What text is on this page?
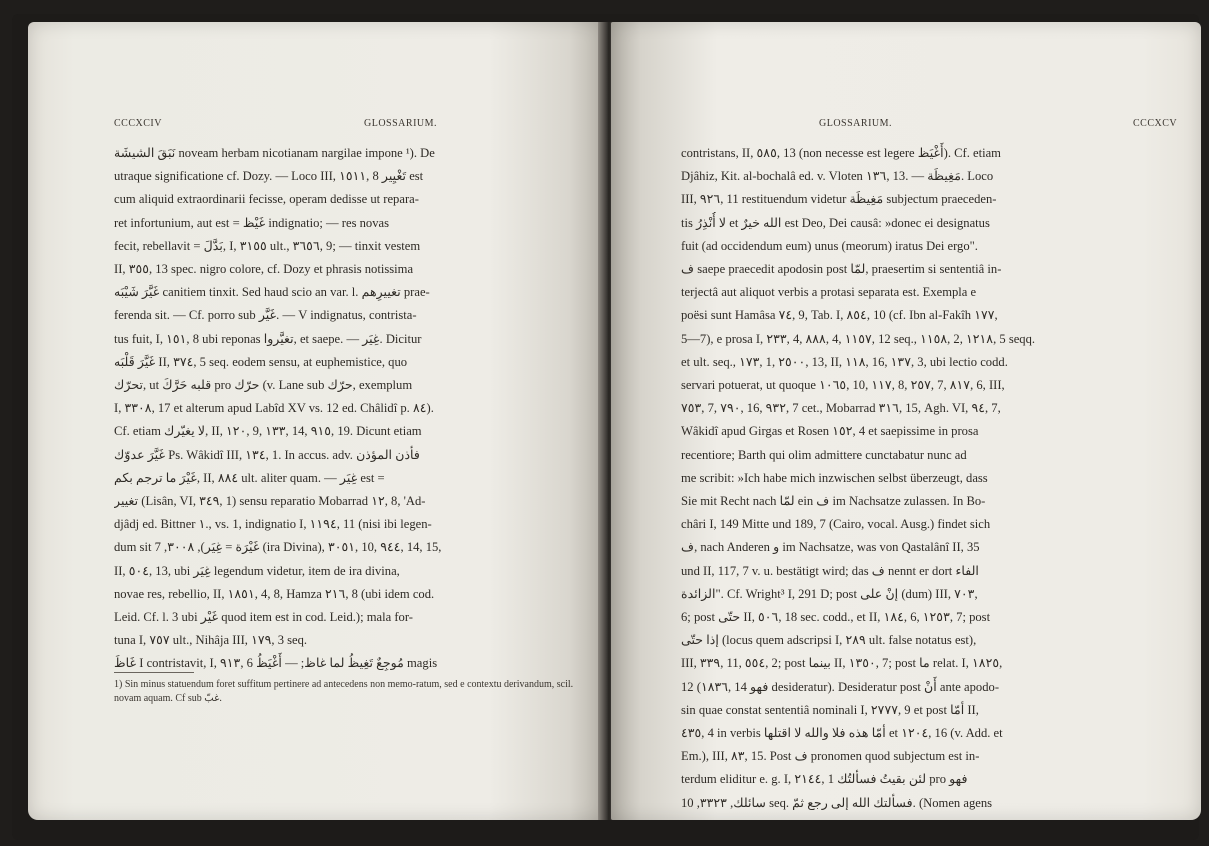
CCCXCIV	GLOSSARIUM.
نَبَقَ الشيشَة noveam herbam nicotianam nargilae impone ¹). De
utraque significatione cf. Dozy. — Loco III, ١٥١١, 8 تَغْيِير est
cum aliquid extraordinarii fecisse, operam dedisse ut repara-
ret infortunium, aut est = غَيْظ indignatio; — res novas
fecit, rebellavit = بَدَّلَ, I, ٣١٥٥ ult., ٣٦٥٦, 9; — tinxit vestem
II, ٣٥٥, 13 spec. nigro colore, cf. Dozy et phrasis notissima
غَيَّرَ شَيْبَه canitiem tinxit. Sed haud scio an var. l. تغييرِهم prae-
ferenda sit. — Cf. porro sub غَيَّر. — V indignatus, contrista-
tus fuit, I, ١٥١, 8 ubi reponas تغيَّروا, et saepe. — غِيَر. Dicitur
غَيَّرَ قَلْبَه II, ٣٧٤, 5 seq. eodem sensu, at euphemistice, quo
تحرّك, ut قلبه حَرَّكَ pro حرّك (v. Lane sub حرّك, exemplum
I, ٣٣٠٨, 17 et alterum apud Labîd XV vs. 12 ed. Châlidî p. ٨٤).
Cf. etiam لا يغيّرك, II, ١٢٠, 9, ١٣٣, 14, ٩١٥, 19. Dicunt etiam
غَيَّرَ عدوّك Ps. Wâkidî III, ١٣٤, 1. In accus. adv. فأذن المؤذن
غَيْرَ ما ترجم بكم, II, ٨٨٤ ult. aliter quam. — غِيَر est =
تغيير (Lisân, VI, ٣٤٩, 1) sensu reparatio Mobarrad ١٢, 8, 'Ad-
djâdj ed. Bittner ١., vs. 1, indignatio I, ١١٩٤, 11 (nisi ibi legen-
dum sit غَيْرَة = غِيَر), ٣٠٠٨, 7 (ira Divina), ٣٠٥١, 10, ٩٤٤, 14, 15,
II, ٥٠٤, 13, ubi غِيَر legendum videtur, item de ira divina,
novae res, rebellio, II, ١٨٥١, 4, 8, Hamza ٢١٦, 8 (ubi idem cod.
Leid. Cf. l. 3 ubi غَيْر quod item est in cod. Leid.); mala for-
tuna I, ٧٥٧ ult., Nihâja III, ١٧٩, 3 seq.
غَاظَ I contristavit, I, ٩١٣, 6 مُوجِعٌ تَغِيظُ لما غاظ; — أَغْيَظُ magis
1) Sin minus statuendum foret suffitum pertinere ad antecedens non memo-ratum, sed e contextu derivandum, scil. novam aquam. Cf sub غبّ.
GLOSSARIUM.	CCCXCV
contristans, II, ٥٨٥, 13 (non necesse est legere أَغْيَظ). Cf. etiam
Djâhiz, Kit. al-bochalâ ed. v. Vloten ١٣٦, 13. — مَغِيظَة. Loco
III, ٩٢٦, 11 restituendum videtur مَغِيظَة subjectum praeceden-
tis لا أُنْذِرُ et الله خيرٌ est Deo, Dei causâ: »donec ei designatus
fuit (ad occidendum eum) unus (meorum) iratus Dei ergo".
ف saepe praecedit apodosin post لمّا, praesertim si sententiâ in-
terjectâ aut aliquot verbis a protasi separata est. Exempla e
poësi sunt Hamâsa ٧٤, 9, Tab. I, ٨٥٤, 10 (cf. Ibn al-Fakîh ١٧٧,
5—7), e prosa I, ٢٣٣, 4, ٨٨٨, 4, ١١٥٧, 12 seq., ١١٥٨, 2, ١٢١٨, 5 seqq.
et ult. seq., ١٧٣, 1, ٢٥٠٠, 13, II, ١١٨, 16, ١٣٧, 3, ubi lectio codd.
servari potuerat, ut quoque ١٠٦٥, 10, ١١٧, 8, ٢٥٧, 7, ٨١٧, 6, III,
٧٥٣, 7, ٧٩٠, 16, ٩٣٢, 7 cet., Mobarrad ٣١٦, 15, Agh. VI, ٩٤, 7,
Wâkidî apud Girgas et Rosen ١٥٢, 4 et saepissime in prosa
recentiore; Barth qui olim admittere cunctabatur nunc ad
me scribit: »Ich habe mich inzwischen selbst überzeugt, dass
Sie mit Recht nach لمّا ein ف im Nachsatze zulassen. In Bo-
châri I, 149 Mitte und 189, 7 (Cairo, vocal. Ausg.) findet sich
ف, nach Anderen و im Nachsatze, was von Qastalânî II, 35
und II, 117, 7 v. u. bestätigt wird; das ف nennt er dort الفاء
الزائدة". Cf. Wright³ I, 291 D; post إنْ على (dum) III, ٧٠٣,
6; post حتّى II, ٥٠٦, 18 sec. codd., et II, ١٨٤, 6, ١٢٥٣, 7; post
إذا حتّى (locus quem adscripsi I, ٢٨٩ ult. false notatus est),
III, ٣٣٩, 11, ٥٥٤, 2; post بينما II, ١٣٥٠, 7; post ما relat. I, ١٨٢٥,
12 (١٨٣٦, 14 فهو desideratur). Desideratur post أَنْ ante apodo-
sin quae constat sententiâ nominali I, ٢٧٧٧, 9 et post أمّا II,
٤٣٥, 4 in verbis أمّا هذه فلا والله لا اقتلها et ١٢٠٤, 16 (v. Add. et
Em.), III, ٨٣, 15. Post ف pronomen quod subjectum est in-
terdum eliditur e. g. I, ٢١٤٤, 1 لئن بقيتُ فسألتُك pro فهو
سائلك, ٣٣٢٣, 10 seq. فسألتك الله إلى رجع ثمّ. (Nomen agens
